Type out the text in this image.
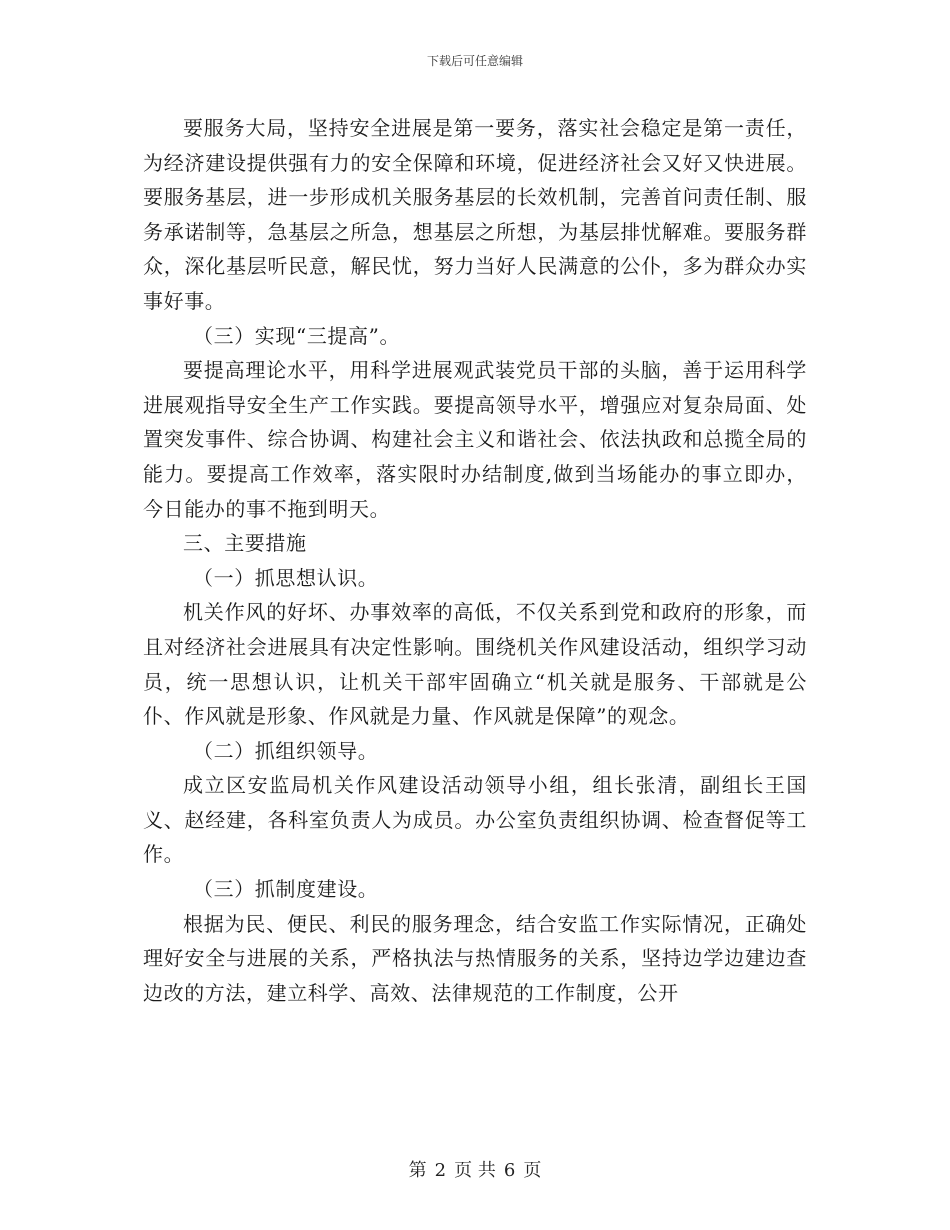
下载后可任意编辑

要服务大局，坚持安全进展是第一要务，落实社会稳定是第一责任，为经济建设提供强有力的安全保障和环境，促进经济社会又好又快进展。要服务基层，进一步形成机关服务基层的长效机制，完善首问责任制、服务承诺制等，急基层之所急，想基层之所想，为基层排忧解难。要服务群众，深化基层听民意，解民忧，努力当好人民满意的公仆，多为群众办实事好事。

（三）实现“三提高”。

要提高理论水平，用科学进展观武装党员干部的头脑，善于运用科学进展观指导安全生产工作实践。要提高领导水平，增强应对复杂局面、处置突发事件、综合协调、构建社会主义和谐社会、依法执政和总揽全局的能力。要提高工作效率，落实限时办结制度,做到当场能办的事立即办，今日能办的事不拖到明天。

三、主要措施

（一）抓思想认识。

机关作风的好坏、办事效率的高低，不仅关系到党和政府的形象，而且对经济社会进展具有决定性影响。围绕机关作风建设活动，组织学习动员，统一思想认识，让机关干部牢固确立“机关就是服务、干部就是公仆、作风就是形象、作风就是力量、作风就是保障”的观念。

（二）抓组织领导。

成立区安监局机关作风建设活动领导小组，组长张清，副组长王国义、赵经建，各科室负责人为成员。办公室负责组织协调、检查督促等工作。

（三）抓制度建设。

根据为民、便民、利民的服务理念，结合安监工作实际情况，正确处理好安全与进展的关系，严格执法与热情服务的关系，坚持边学边建边查边改的方法，建立科学、高效、法律规范的工作制度，公开

第 2 页 共 6 页
